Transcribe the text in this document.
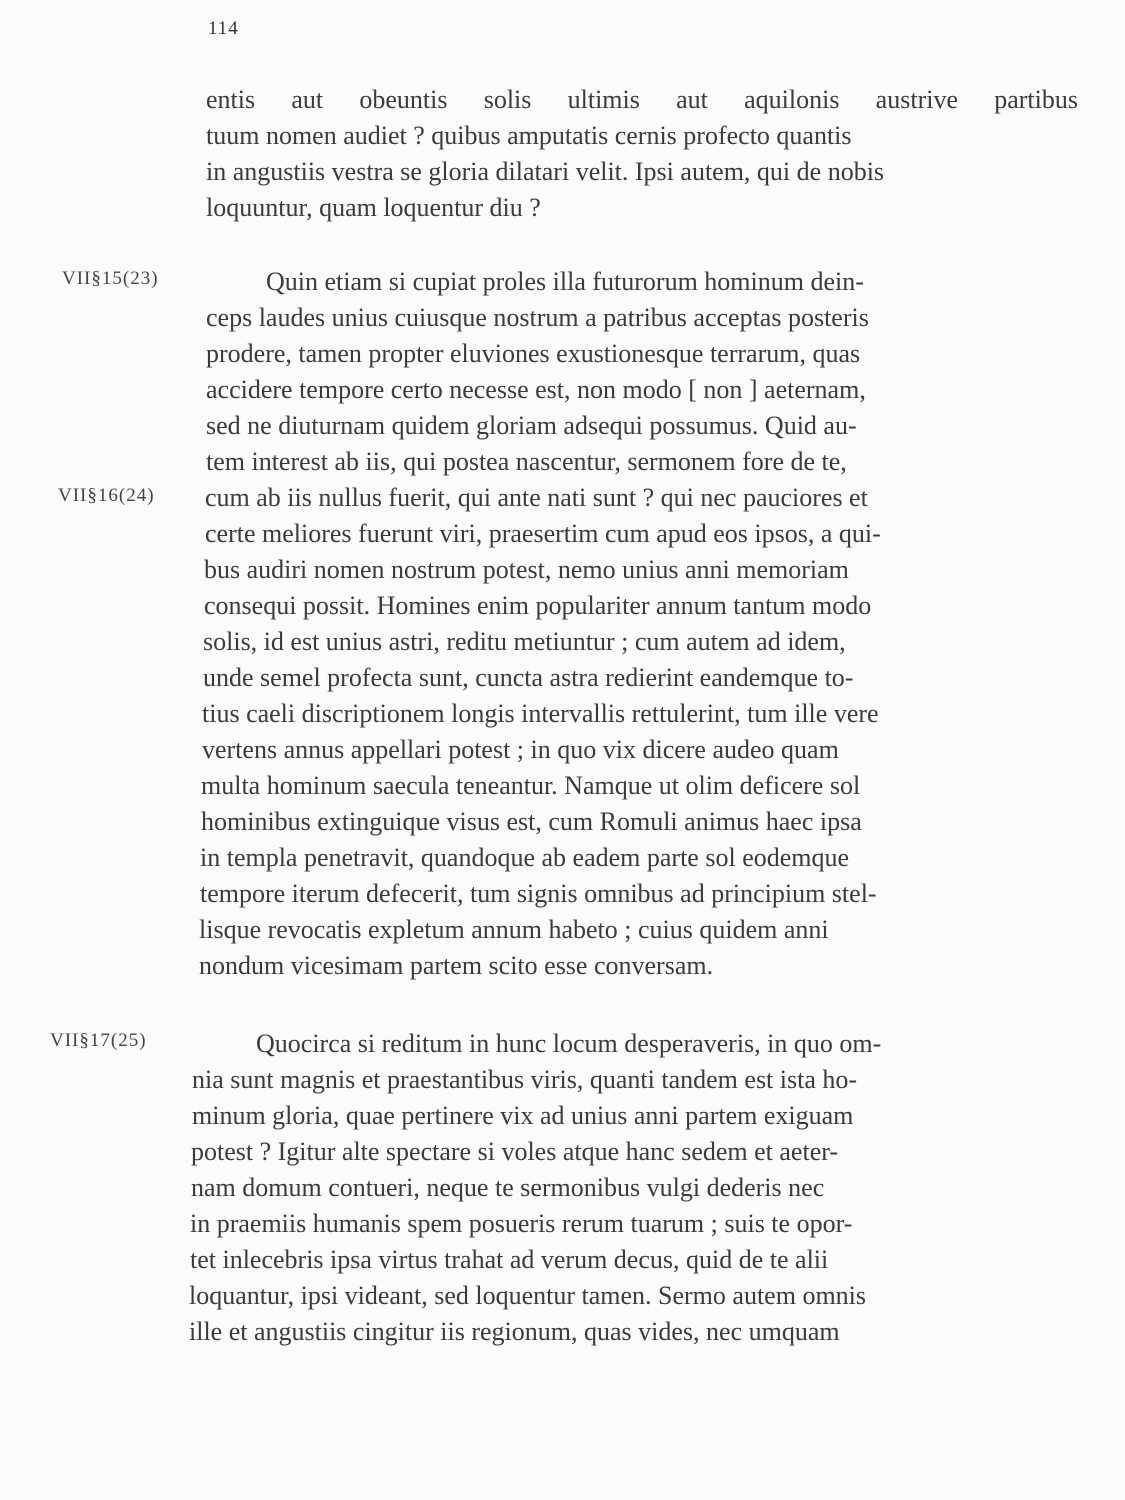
114
entis aut obeuntis solis ultimis aut aquilonis austrive partibus
tuum nomen audiet ? quibus amputatis cernis profecto quantis
in angustiis vestra se gloria dilatari velit. Ipsi autem, qui de nobis
loquuntur, quam loquentur diu ?
VII§15(23)
VII§16(24)
Quin etiam si cupiat proles illa futurorum hominum dein-
ceps laudes unius cuiusque nostrum a patribus acceptas posteris
prodere, tamen propter eluviones exustionesque terrarum, quas
accidere tempore certo necesse est, non modo [ non ] aeternam,
sed ne diuturnam quidem gloriam adsequi possumus. Quid au-
tem interest ab iis, qui postea nascentur, sermonem fore de te,
cum ab iis nullus fuerit, qui ante nati sunt ? qui nec pauciores et
certe meliores fuerunt viri, praesertim cum apud eos ipsos, a qui-
bus audiri nomen nostrum potest, nemo unius anni memoriam
consequi possit. Homines enim populariter annum tantum modo
solis, id est unius astri, reditu metiuntur ; cum autem ad idem,
unde semel profecta sunt, cuncta astra redierint eandemque to-
tius caeli discriptionem longis intervallis rettulerint, tum ille vere
vertens annus appellari potest ; in quo vix dicere audeo quam
multa hominum saecula teneantur. Namque ut olim deficere sol
hominibus extinguique visus est, cum Romuli animus haec ipsa
in templa penetravit, quandoque ab eadem parte sol eodemque
tempore iterum defecerit, tum signis omnibus ad principium stel-
lisque revocatis expletum annum habeto ; cuius quidem anni
nondum vicesimam partem scito esse conversam.
VII§17(25)	Quocirca si reditum in hunc locum desperaveris, in quo om-
nia sunt magnis et praestantibus viris, quanti tandem est ista ho-
minum gloria, quae pertinere vix ad unius anni partem exiguam
potest ? Igitur alte spectare si voles atque hanc sedem et aeter-
nam domum contueri, neque te sermonibus vulgi dederis nec
in praemiis humanis spem posueris rerum tuarum ; suis te opor-
tet inlecebris ipsa virtus trahat ad verum decus, quid de te alii
loquantur, ipsi videant, sed loquentur tamen. Sermo autem omnis
ille et angustiis cingitur iis regionum, quas vides, nec umquam
